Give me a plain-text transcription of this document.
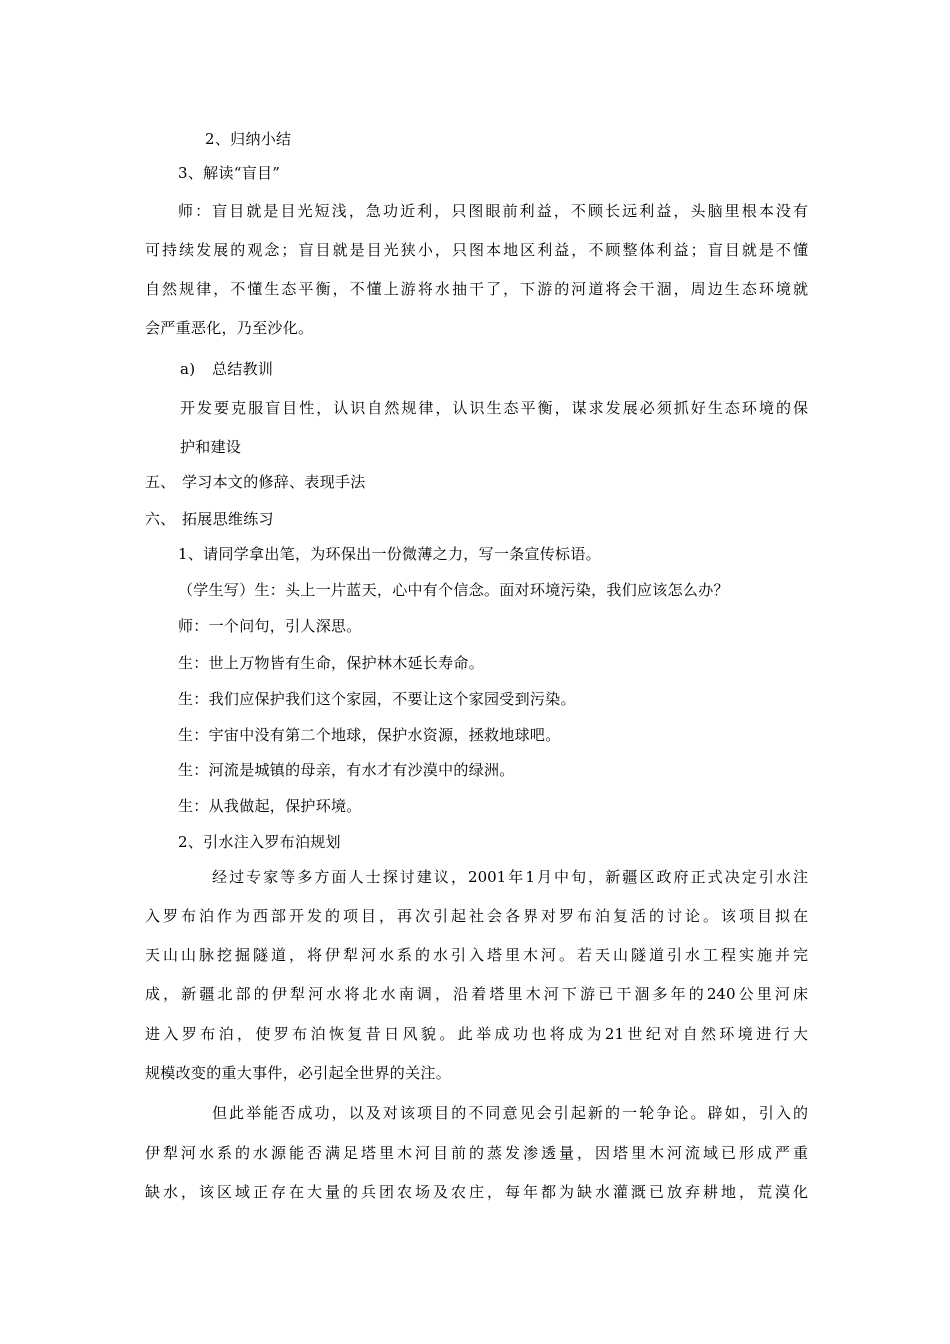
2、归纳小结
3、解读“盲目”
师：盲目就是目光短浅，急功近利，只图眼前利益，不顾长远利益，头脑里根本没有
可持续发展的观念；盲目就是目光狭小，只图本地区利益，不顾整体利益；盲目就是不懂
自然规律，不懂生态平衡，不懂上游将水抽干了，下游的河道将会干涸，周边生态环境就
会严重恶化，乃至沙化。
a) 总结教训
开发要克服盲目性，认识自然规律，认识生态平衡，谋求发展必须抓好生态环境的保
护和建设
五、 学习本文的修辞、表现手法
六、 拓展思维练习
1、请同学拿出笔，为环保出一份微薄之力，写一条宣传标语。
（学生写）生：头上一片蓝天，心中有个信念。面对环境污染，我们应该怎么办？
师：一个问句，引人深思。
生：世上万物皆有生命，保护林木延长寿命。
生：我们应保护我们这个家园，不要让这个家园受到污染。
生：宇宙中没有第二个地球，保护水资源，拯救地球吧。
生：河流是城镇的母亲，有水才有沙漠中的绿洲。
生：从我做起，保护环境。
2、引水注入罗布泊规划
经过专家等多方面人士探讨建议，2001年1月中旬，新疆区政府正式决定引水注
入罗布泊作为西部开发的项目，再次引起社会各界对罗布泊复活的讨论。该项目拟在
天山山脉挖掘隧道，将伊犁河水系的水引入塔里木河。若天山隧道引水工程实施并完
成，新疆北部的伊犁河水将北水南调，沿着塔里木河下游已干涸多年的240公里河床
进入罗布泊，使罗布泊恢复昔日风貌。此举成功也将成为21世纪对自然环境进行大
规模改变的重大事件，必引起全世界的关注。
但此举能否成功，以及对该项目的不同意见会引起新的一轮争论。辟如，引入的
伊犁河水系的水源能否满足塔里木河目前的蒸发渗透量，因塔里木河流域已形成严重
缺水，该区域正存在大量的兵团农场及农庄，每年都为缺水灌溉已放弃耕地，荒漠化
